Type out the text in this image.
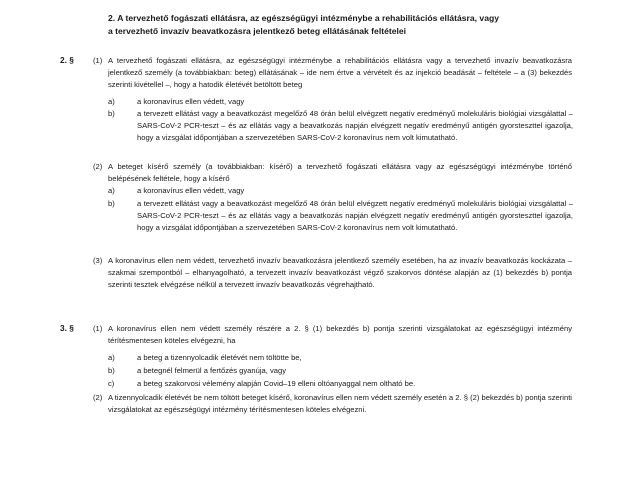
2. A tervezhető fogászati ellátásra, az egészségügyi intézménybe a rehabilitációs ellátásra, vagy

a tervezhető invazív beavatkozásra jelentkező beteg ellátásának feltételei

2. §	(1) A tervezhető fogászati ellátásra, az egészségügyi intézménybe a rehabilitációs ellátásra vagy a tervezhető invazív beavatkozásra jelentkező személy (a továbbiakban: beteg) ellátásának – ide nem értve a vérvételt és az injekció beadását – feltétele – a (3) bekezdés szerinti kivétellel –, hogy a hatodik életévét betöltött beteg
a)	a koronavírus ellen védett, vagy
b)	a tervezett ellátást vagy a beavatkozást megelőző 48 órán belül elvégzett negatív eredményű molekuláris biológiai vizsgálattal – SARS-CoV-2 PCR-teszt – és az ellátás vagy a beavatkozás napján elvégzett negatív eredményű antigén gyorsteszttel igazolja, hogy a vizsgálat időpontjában a szervezetében SARS-CoV-2 koronavírus nem volt kimutatható.
(2) A beteget kísérő személy (a továbbiakban: kísérő) a tervezhető fogászati ellátásra vagy az egészségügyi intézménybe történő belépésének feltétele, hogy a kísérő
a)	a koronavírus ellen védett, vagy
b)	a tervezett ellátást vagy a beavatkozást megelőző 48 órán belül elvégzett negatív eredményű molekuláris biológiai vizsgálattal – SARS-CoV-2 PCR-teszt – és az ellátás vagy a beavatkozás napján elvégzett negatív eredményű antigén gyorsteszttel igazolja, hogy a vizsgálat időpontjában a szervezetében SARS-CoV-2 koronavírus nem volt kimutatható.
(3) A koronavírus ellen nem védett, tervezhető invazív beavatkozásra jelentkező személy esetében, ha az invazív beavatkozás kockázata – szakmai szempontból – elhanyagolható, a tervezett invazív beavatkozást végző szakorvos döntése alapján az (1) bekezdés b) pontja szerinti tesztek elvégzése nélkül a tervezett invazív beavatkozás végrehajtható.
3. §	(1) A koronavírus ellen nem védett személy részére a 2. § (1) bekezdés b) pontja szerinti vizsgálatokat az egészségügyi intézmény térítésmentesen köteles elvégezni, ha
a)	a beteg a tizennyolcadik életévét nem töltötte be,
b)	a betegnél felmerül a fertőzés gyanúja, vagy
c)	a beteg szakorvosi vélemény alapján Covid–19 elleni oltóanyaggal nem oltható be.
(2) A tizennyolcadik életévét be nem töltött beteget kísérő, koronavírus ellen nem védett személy esetén a 2. § (2) bekezdés b) pontja szerinti vizsgálatokat az egészségügyi intézmény térítésmentesen köteles elvégezni.
